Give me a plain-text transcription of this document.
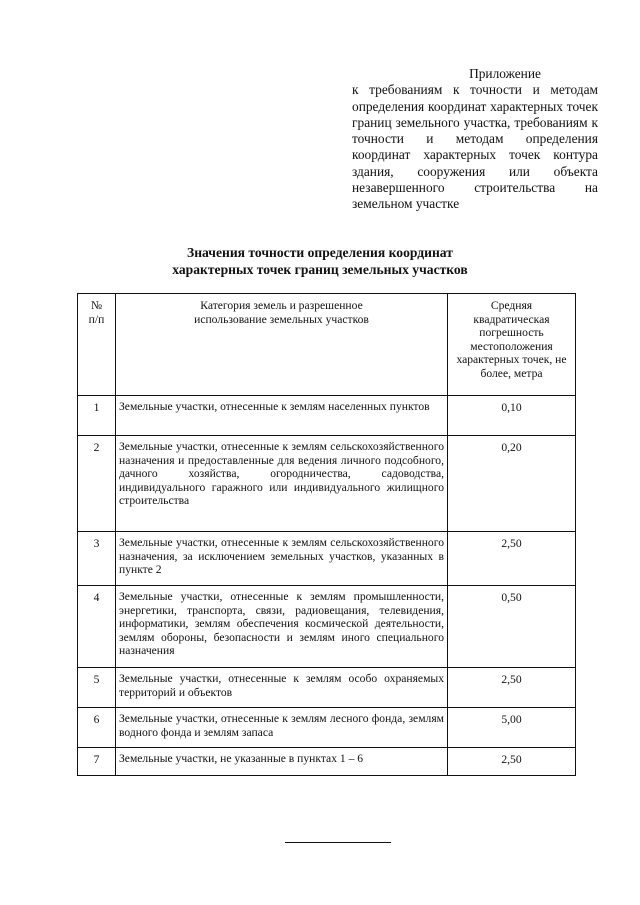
Приложение
к требованиям к точности и методам определения координат характерных точек границ земельного участка, требованиям к точности и методам определения координат характерных точек контура здания, сооружения или объекта незавершенного строительства на земельном участке
Значения точности определения координат
характерных точек границ земельных участков
№ п/п	Категория земель и разрешенное использование земельных участков	Средняя квадратическая погрешность местоположения характерных точек, не более, метра
1	Земельные участки, отнесенные к землям населенных пунктов	0,10
2	Земельные участки, отнесенные к землям сельскохозяйственного назначения и предоставленные для ведения личного подсобного, дачного хозяйства, огородничества, садоводства, индивидуального гаражного или индивидуального жилищного строительства	0,20
3	Земельные участки, отнесенные к землям сельскохозяйственного назначения, за исключением земельных участков, указанных в пункте 2	2,50
4	Земельные участки, отнесенные к землям промышленности, энергетики, транспорта, связи, радиовещания, телевидения, информатики, землям обеспечения космической деятельности, землям обороны, безопасности и землям иного специального назначения	0,50
5	Земельные участки, отнесенные к землям особо охраняемых территорий и объектов	2,50
6	Земельные участки, отнесенные к землям лесного фонда, землям водного фонда и землям запаса	5,00
7	Земельные участки, не указанные в пунктах 1 – 6	2,50
